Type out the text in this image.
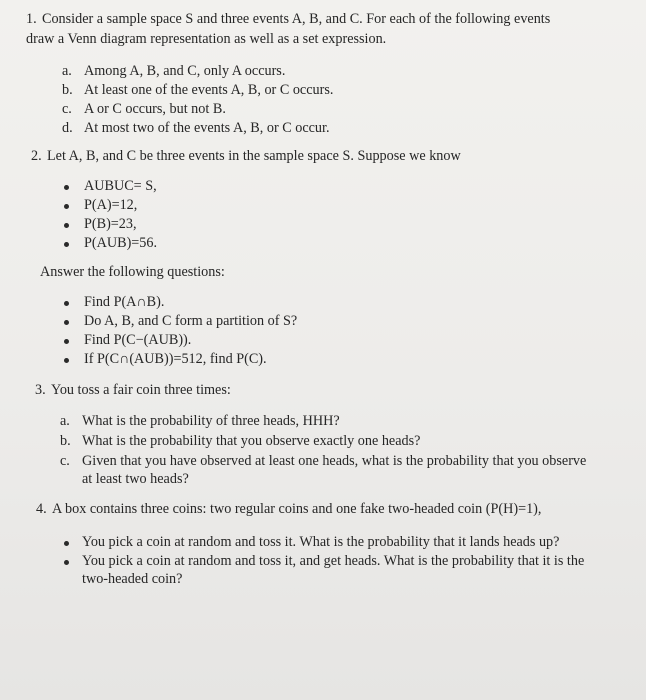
1. Consider a sample space S and three events A, B, and C. For each of the following events
draw a Venn diagram representation as well as a set expression.
a. Among A, B, and C, only A occurs.
b. At least one of the events A, B, or C occurs.
c. A or C occurs, but not B.
d. At most two of the events A, B, or C occur.
2. Let A, B, and C be three events in the sample space S. Suppose we know
AUBUC= S,
P(A)=12,
P(B)=23,
P(AUB)=56.
Answer the following questions:
Find P(A∩B).
Do A, B, and C form a partition of S?
Find P(C−(AUB)).
If P(C∩(AUB))=512, find P(C).
3. You toss a fair coin three times:
a. What is the probability of three heads, HHH?
b. What is the probability that you observe exactly one heads?
c. Given that you have observed at least one heads, what is the probability that you observe
at least two heads?
4. A box contains three coins: two regular coins and one fake two-headed coin (P(H)=1),
You pick a coin at random and toss it. What is the probability that it lands heads up?
You pick a coin at random and toss it, and get heads. What is the probability that it is the
two-headed coin?
